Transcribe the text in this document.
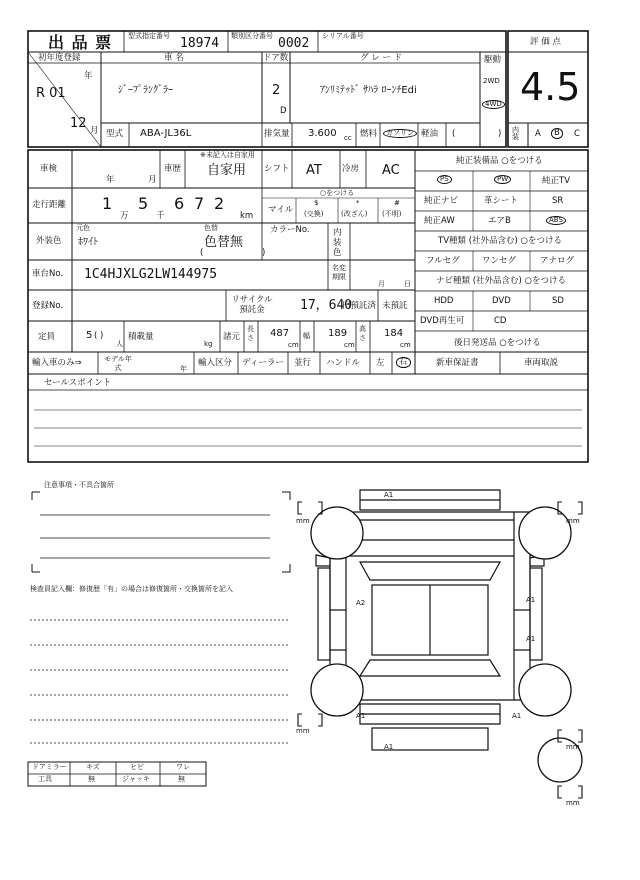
出 品 票 型式指定番号 18974 類別区分番号 0002 シリアル番号
評 価 点
4.5
初年度登録
R 01
年
12 月
車 名
ｼﾞｰﾌﾟﾗﾝｸﾞﾗｰ
ドア数
2
D
グ レ ー ド
ｱﾝﾘﾐﾃｯﾄﾞ ｻﾊﾗ ﾛｰﾝﾁEdi
駆動
2WD
4WD
型式 ABA-JL36L	排気量 3.600 cc 燃料	ガソリン 軽油 (	) 内装	A	B	C
車検
年	月
車歴
※未記入は自家用
自家用 シフト AT 冷房 AC
走行距離 1
万
5
千
6 7 2
km
○をつける
マイル
$
(交換)
*
(改ざん)
#
(不明)
元色
外装色 ﾎﾜｲﾄ
色替
色替無
(	)
カラーNo.	内装色
車台No. 1C4HJXLG2LW144975	名変期限
月	日
登録No.
リサイクル預託金	17，640
円預託済 未預託
定員	5 ( )
人
積載量
kg
諸元
長さ 487
cm
幅 189
cm
高さ 184
cm
輸入車のみ⇒	モデル年式	年
輸入区分 ディーラー 並行 ハンドル 左	右
セールスポイント
純正装備品 ○をつける
PS	PW	純正TV
純正ナビ	革シート	SR
純正AW	エアB	ABS
TV種類 (社外品含む) ○をつける
フルセグ	ワンセグ	アナログ
ナビ種類 (社外品含む) ○をつける
HDD	DVD	SD
DVD再生可	CD
後日発送品 ○をつける
新車保証書	車両取説
注意事項・不具合箇所
検査員記入欄：修復歴「有」の場合は修復箇所・交換箇所を記入
ドアミラー	キズ	ヒビ	ワレ
工具	無	ジャッキ	無
mm	mm
mm
mm
mm
A1
A2	A1
A1
A1	A1
A1
